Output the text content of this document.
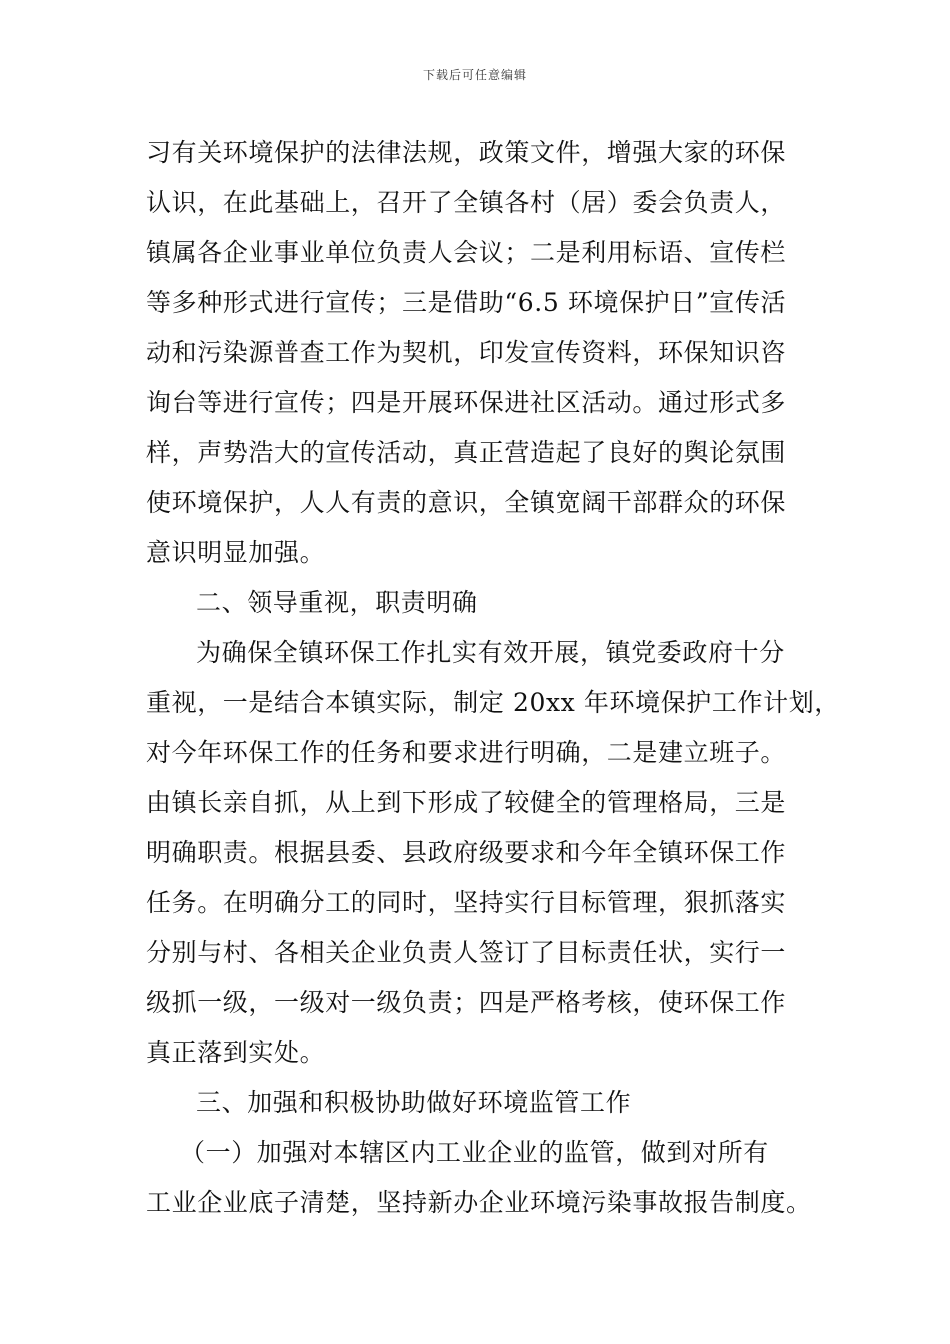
下载后可任意编辑
习有关环境保护的法律法规，政策文件，增强大家的环保
认识，在此基础上，召开了全镇各村（居）委会负责人，
镇属各企业事业单位负责人会议；二是利用标语、宣传栏
等多种形式进行宣传；三是借助“6.5 环境保护日”宣传活
动和污染源普查工作为契机，印发宣传资料，环保知识咨
询台等进行宣传；四是开展环保进社区活动。通过形式多
样，声势浩大的宣传活动，真正营造起了良好的舆论氛围
使环境保护，人人有责的意识，全镇宽阔干部群众的环保
意识明显加强。
二、领导重视，职责明确
为确保全镇环保工作扎实有效开展，镇党委政府十分
重视，一是结合本镇实际，制定 20xx 年环境保护工作计划，
对今年环保工作的任务和要求进行明确，二是建立班子。
由镇长亲自抓，从上到下形成了较健全的管理格局，三是
明确职责。根据县委、县政府级要求和今年全镇环保工作
任务。在明确分工的同时，坚持实行目标管理，狠抓落实
分别与村、各相关企业负责人签订了目标责任状，实行一
级抓一级，一级对一级负责；四是严格考核，使环保工作
真正落到实处。
三、加强和积极协助做好环境监管工作
（一）加强对本辖区内工业企业的监管，做到对所有
工业企业底子清楚，坚持新办企业环境污染事故报告制度。
